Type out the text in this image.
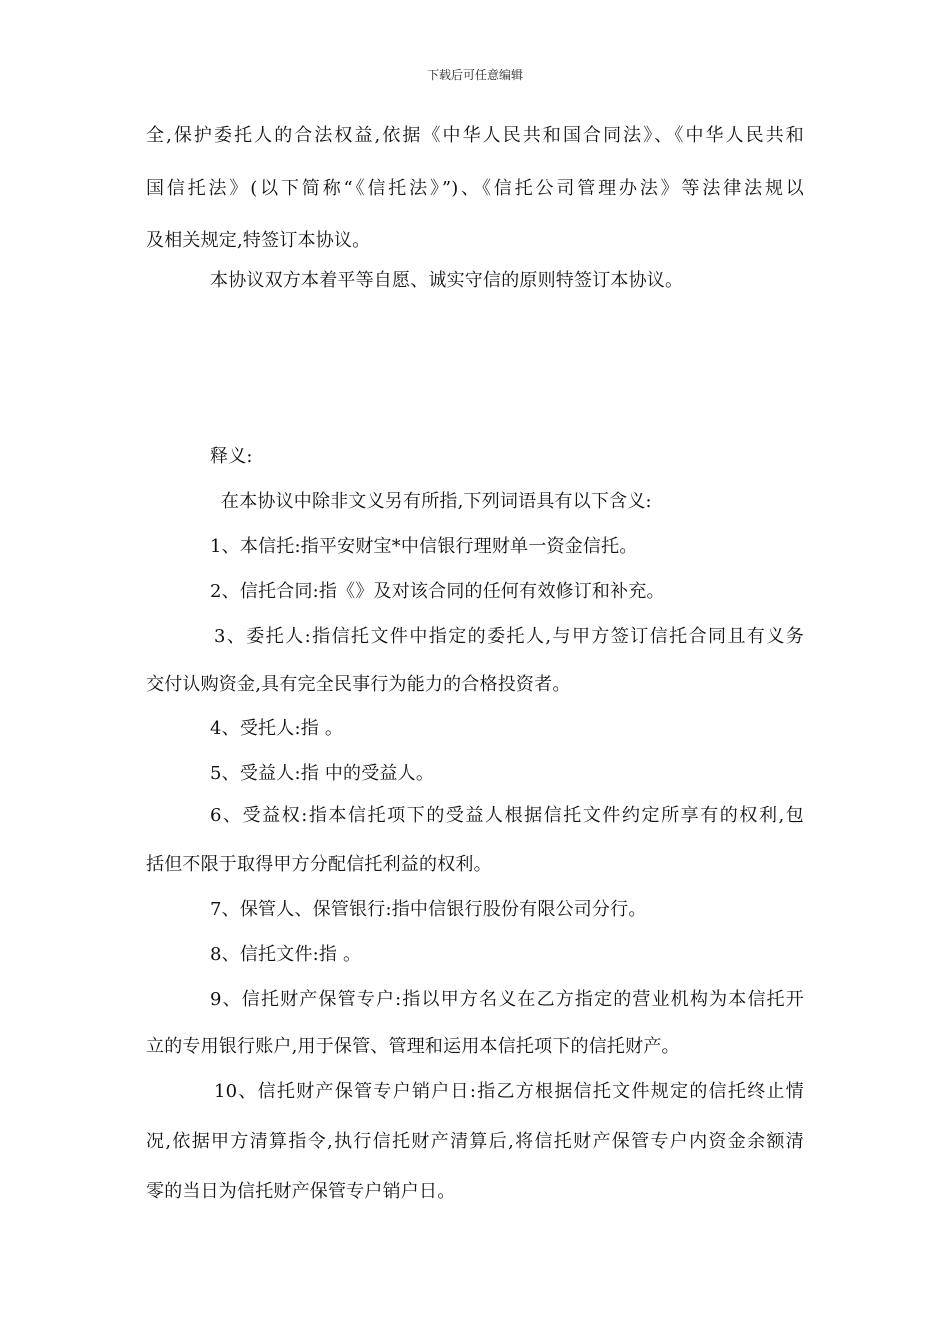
下载后可任意编辑
全,保护委托人的合法权益,依据《中华人民共和国合同法》、《中华人民共和
国信托法》(以下简称“《信托法》”)、《信托公司管理办法》等法律法规以
及相关规定,特签订本协议。
本协议双方本着平等自愿、诚实守信的原则特签订本协议。
释义:
在本协议中除非文义另有所指,下列词语具有以下含义:
1、本信托:指平安财宝*中信银行理财单一资金信托。
2、信托合同:指《》及对该合同的任何有效修订和补充。
3、委托人:指信托文件中指定的委托人,与甲方签订信托合同且有义务
交付认购资金,具有完全民事行为能力的合格投资者。
4、受托人:指 。
5、受益人:指 中的受益人。
6、受益权:指本信托项下的受益人根据信托文件约定所享有的权利,包
括但不限于取得甲方分配信托利益的权利。
7、保管人、保管银行:指中信银行股份有限公司分行。
8、信托文件:指 。
9、信托财产保管专户:指以甲方名义在乙方指定的营业机构为本信托开
立的专用银行账户,用于保管、管理和运用本信托项下的信托财产。
10、信托财产保管专户销户日:指乙方根据信托文件规定的信托终止情
况,依据甲方清算指令,执行信托财产清算后,将信托财产保管专户内资金余额清
零的当日为信托财产保管专户销户日。
